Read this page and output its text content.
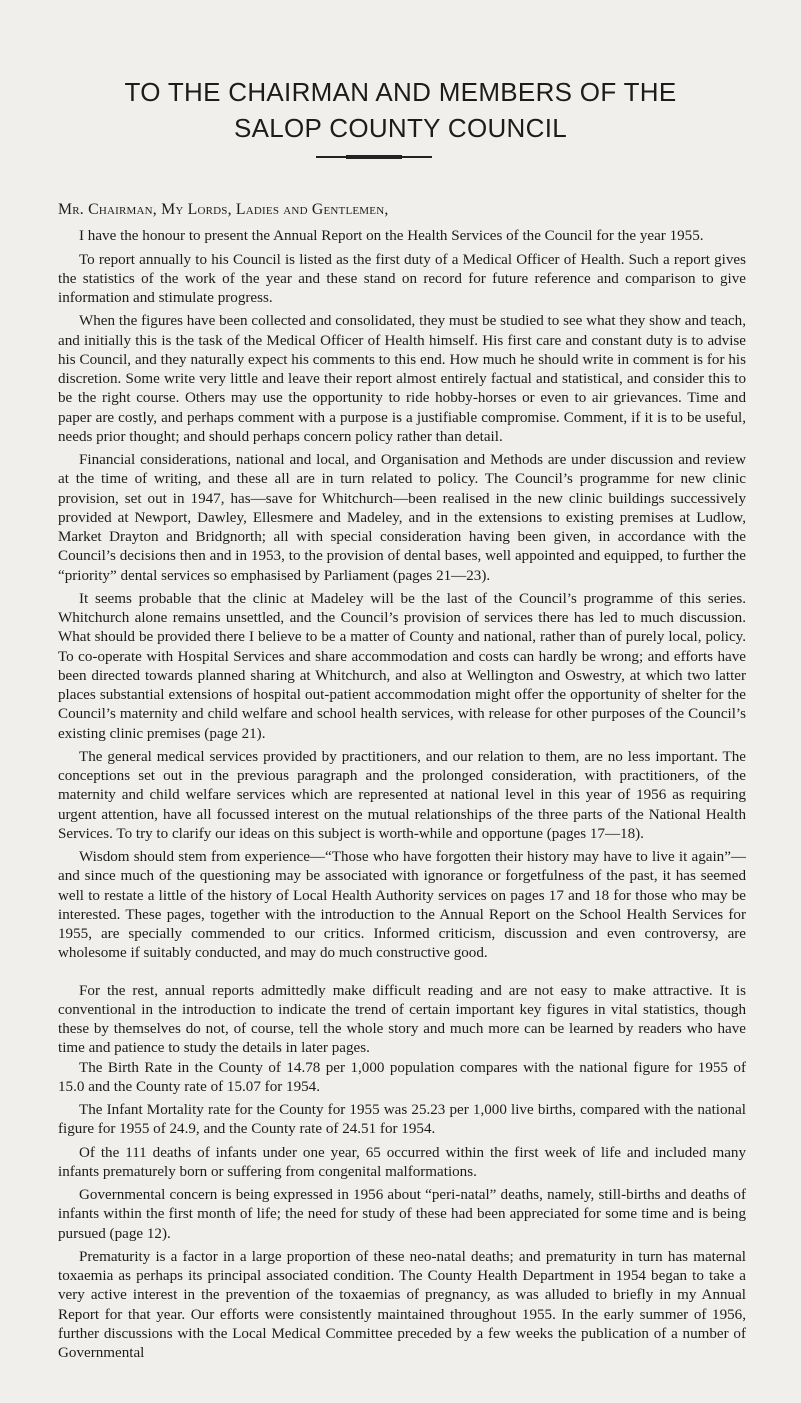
TO THE CHAIRMAN AND MEMBERS OF THE
SALOP COUNTY COUNCIL

Mr. Chairman, My Lords, Ladies and Gentlemen,

I have the honour to present the Annual Report on the Health Services of the Council for the year 1955.

To report annually to his Council is listed as the first duty of a Medical Officer of Health. Such a report gives the statistics of the work of the year and these stand on record for future reference and comparison to give information and stimulate progress.

When the figures have been collected and consolidated, they must be studied to see what they show and teach, and initially this is the task of the Medical Officer of Health himself. His first care and constant duty is to advise his Council, and they naturally expect his comments to this end. How much he should write in comment is for his discretion. Some write very little and leave their report almost entirely factual and statistical, and consider this to be the right course. Others may use the opportunity to ride hobby-horses or even to air grievances. Time and paper are costly, and perhaps comment with a purpose is a justifiable compromise. Comment, if it is to be useful, needs prior thought; and should perhaps concern policy rather than detail.

Financial considerations, national and local, and Organisation and Methods are under discussion and review at the time of writing, and these all are in turn related to policy. The Council’s programme for new clinic provision, set out in 1947, has—save for Whitchurch—been realised in the new clinic buildings successively provided at Newport, Dawley, Ellesmere and Madeley, and in the extensions to existing premises at Ludlow, Market Drayton and Bridgnorth; all with special consideration having been given, in accordance with the Council’s decisions then and in 1953, to the provision of dental bases, well appointed and equipped, to further the “priority” dental services so emphasised by Parliament (pages 21—23).

It seems probable that the clinic at Madeley will be the last of the Council’s programme of this series. Whitchurch alone remains unsettled, and the Council’s provision of services there has led to much discussion. What should be provided there I believe to be a matter of County and national, rather than of purely local, policy. To co-operate with Hospital Services and share accommodation and costs can hardly be wrong; and efforts have been directed towards planned sharing at Whitchurch, and also at Wellington and Oswestry, at which two latter places substantial extensions of hospital out-patient accommodation might offer the opportunity of shelter for the Council’s maternity and child welfare and school health services, with release for other purposes of the Council’s existing clinic premises (page 21).

The general medical services provided by practitioners, and our relation to them, are no less important. The conceptions set out in the previous paragraph and the prolonged consideration, with practitioners, of the maternity and child welfare services which are represented at national level in this year of 1956 as requiring urgent attention, have all focussed interest on the mutual relationships of the three parts of the National Health Services. To try to clarify our ideas on this subject is worth-while and opportune (pages 17—18).

Wisdom should stem from experience—“Those who have forgotten their history may have to live it again”—and since much of the questioning may be associated with ignorance or forgetfulness of the past, it has seemed well to restate a little of the history of Local Health Authority services on pages 17 and 18 for those who may be interested. These pages, together with the introduction to the Annual Report on the School Health Services for 1955, are specially commended to our critics. Informed criticism, discussion and even controversy, are wholesome if suitably conducted, and may do much constructive good.

For the rest, annual reports admittedly make difficult reading and are not easy to make attractive. It is conventional in the introduction to indicate the trend of certain important key figures in vital statistics, though these by themselves do not, of course, tell the whole story and much more can be learned by readers who have time and patience to study the details in later pages.

The Birth Rate in the County of 14.78 per 1,000 population compares with the national figure for 1955 of 15.0 and the County rate of 15.07 for 1954.

The Infant Mortality rate for the County for 1955 was 25.23 per 1,000 live births, compared with the national figure for 1955 of 24.9, and the County rate of 24.51 for 1954.

Of the 111 deaths of infants under one year, 65 occurred within the first week of life and included many infants prematurely born or suffering from congenital malformations.

Governmental concern is being expressed in 1956 about “peri-natal” deaths, namely, still-births and deaths of infants within the first month of life; the need for study of these had been appreciated for some time and is being pursued (page 12).

Prematurity is a factor in a large proportion of these neo-natal deaths; and prematurity in turn has maternal toxaemia as perhaps its principal associated condition. The County Health Department in 1954 began to take a very active interest in the prevention of the toxaemias of pregnancy, as was alluded to briefly in my Annual Report for that year. Our efforts were consistently maintained throughout 1955. In the early summer of 1956, further discussions with the Local Medical Committee preceded by a few weeks the publication of a number of Governmental
